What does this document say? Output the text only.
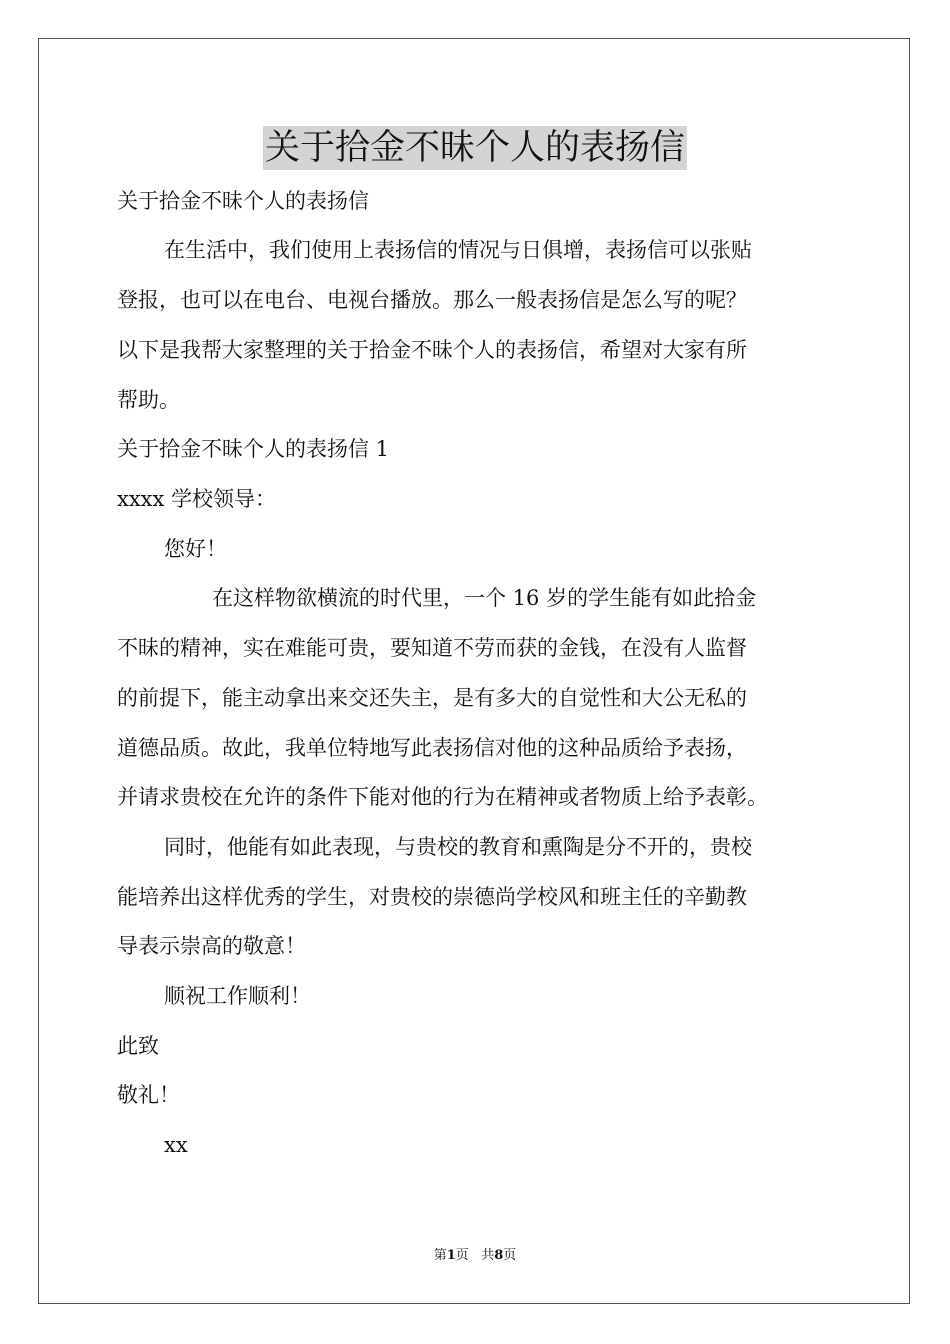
关于拾金不昧个人的表扬信

关于拾金不昧个人的表扬信

在生活中，我们使用上表扬信的情况与日俱增，表扬信可以张贴

登报，也可以在电台、电视台播放。那么一般表扬信是怎么写的呢？

以下是我帮大家整理的关于拾金不昧个人的表扬信，希望对大家有所

帮助。

关于拾金不昧个人的表扬信 1

xxxx 学校领导：

您好！

在这样物欲横流的时代里，一个 16 岁的学生能有如此拾金

不昧的精神，实在难能可贵，要知道不劳而获的金钱，在没有人监督

的前提下，能主动拿出来交还失主，是有多大的自觉性和大公无私的

道德品质。故此，我单位特地写此表扬信对他的这种品质给予表扬，

并请求贵校在允许的条件下能对他的行为在精神或者物质上给予表彰。

同时，他能有如此表现，与贵校的教育和熏陶是分不开的，贵校

能培养出这样优秀的学生，对贵校的崇德尚学校风和班主任的辛勤教

导表示崇高的敬意！

顺祝工作顺利！

此致

敬礼！

xx

第1页   共8页
